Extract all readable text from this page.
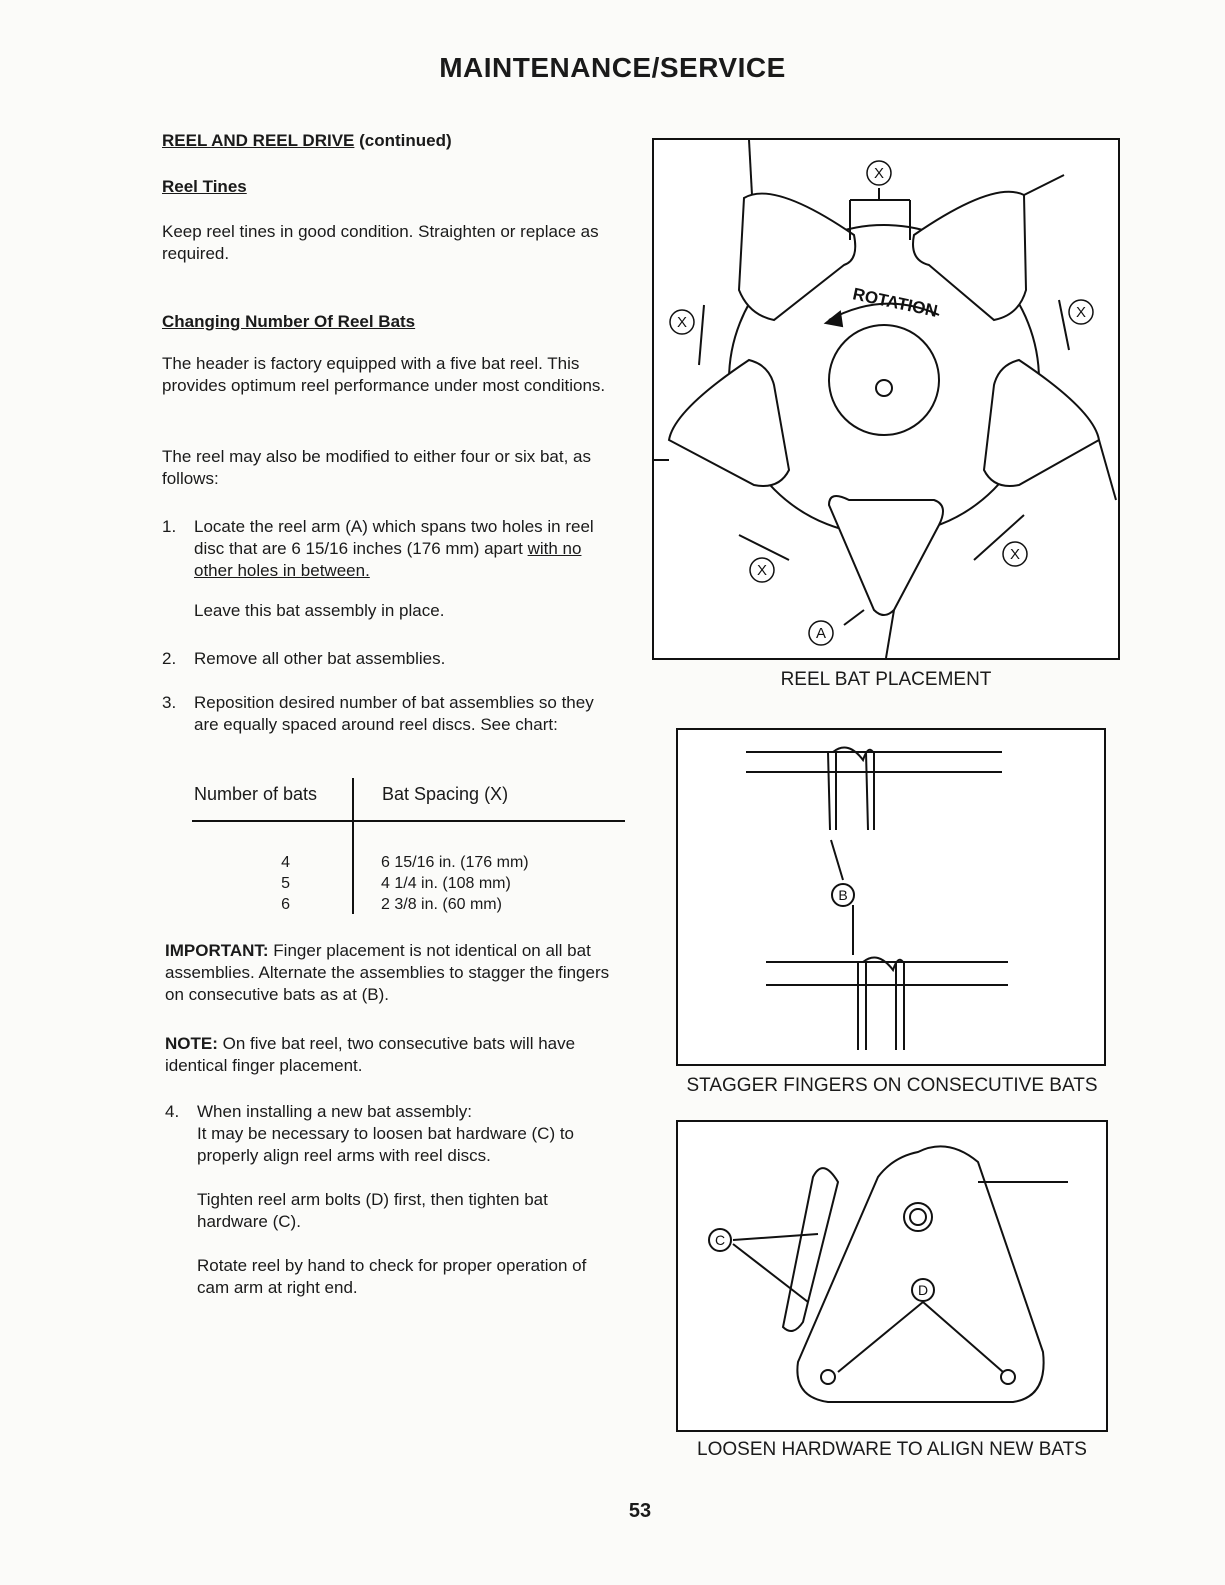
MAINTENANCE/SERVICE
REEL AND REEL DRIVE (continued)
Reel Tines
Keep reel tines in good condition. Straighten or replace as required.
Changing Number Of Reel Bats
The header is factory equipped with a five bat reel. This provides optimum reel performance under most conditions.
The reel may also be modified to either four or six bat, as follows:
1. Locate the reel arm (A) which spans two holes in reel disc that are 6 15/16 inches (176 mm) apart with no other holes in between.
Leave this bat assembly in place.
2. Remove all other bat assemblies.
3. Reposition desired number of bat assemblies so they are equally spaced around reel discs. See chart:
Number of bats	Bat Spacing (X)
4
5
6
6 15/16 in. (176 mm)
4 1/4 in. (108 mm)
2 3/8 in. (60 mm)
IMPORTANT: Finger placement is not identical on all bat assemblies. Alternate the assemblies to stagger the fingers on consecutive bats as at (B).
NOTE: On five bat reel, two consecutive bats will have identical finger placement.
4. When installing a new bat assembly:
It may be necessary to loosen bat hardware (C) to properly align reel arms with reel discs.
Tighten reel arm bolts (D) first, then tighten bat hardware (C).
Rotate reel by hand to check for proper operation of cam arm at right end.
X
X
X
X
X
A
ROTATION
REEL BAT PLACEMENT
B
STAGGER FINGERS ON CONSECUTIVE BATS
C
D
LOOSEN HARDWARE TO ALIGN NEW BATS
53
